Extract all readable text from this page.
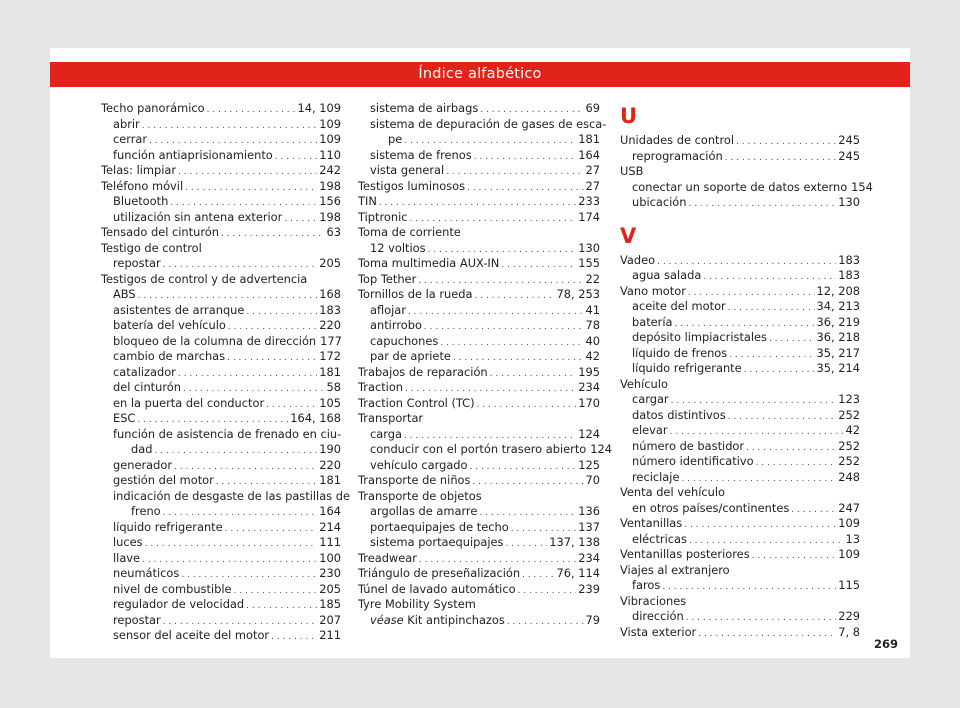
Índice alfabético
Techo panorámico . . .	14, 109
abrir . . .	109
cerrar . . .	109
función antiaprisionamiento . . .	110
Telas: limpiar . . .	242
Teléfono móvil . . .	198
Bluetooth . . .	156
utilización sin antena exterior . . .	198
Tensado del cinturón . . .	63
Testigo de control
repostar . . .	205
Testigos de control y de advertencia
ABS . . .	168
asistentes de arranque . . .	183
batería del vehículo . . .	220
bloqueo de la columna de dirección 177
cambio de marchas . . .	172
catalizador . . .	181
del cinturón . . .	58
en la puerta del conductor . . .	105
ESC . . .	164, 168
función de asistencia de frenado en ciu-
dad . . .	190
generador . . .	220
gestión del motor . . .	181
indicación de desgaste de las pastillas de
freno . . .	164
líquido refrigerante . . .	214
luces . . .	111
llave . . .	100
neumáticos . . .	230
nivel de combustible . . .	205
regulador de velocidad . . .	185
repostar . . .	207
sensor del aceite del motor . . .	211
sistema de airbags . . .	69
sistema de depuración de gases de esca-
pe . . .	181
sistema de frenos . . .	164
vista general . . .	27
Testigos luminosos . . .	27
TIN . . .	233
Tiptronic . . .	174
Toma de corriente
12 voltios . . .	130
Toma multimedia AUX-IN . . .	155
Top Tether . . .	22
Tornillos de la rueda . . .	78, 253
aflojar . . .	41
antirrobo . . .	78
capuchones . . .	40
par de apriete . . .	42
Trabajos de reparación . . .	195
Traction . . .	234
Traction Control (TC) . . .	170
Transportar
carga . . .	124
conducir con el portón trasero abierto 124
vehículo cargado . . .	125
Transporte de niños . . .	70
Transporte de objetos
argollas de amarre . . .	136
portaequipajes de techo . . .	137
sistema portaequipajes . . .	137, 138
Treadwear . . .	234
Triángulo de preseñalización . . .	76, 114
Túnel de lavado automático . . .	239
Tyre Mobility System
véase Kit antipinchazos . . .	79
U
Unidades de control . . .	245
reprogramación . . .	245
USB
conectar un soporte de datos externo 154
ubicación . . .	130
V
Vadeo . . .	183
agua salada . . .	183
Vano motor . . .	12, 208
aceite del motor . . .	34, 213
batería . . .	36, 219
depósito limpiacristales . . .	36, 218
líquido de frenos . . .	35, 217
líquido refrigerante . . .	35, 214
Vehículo
cargar . . .	123
datos distintivos . . .	252
elevar . . .	42
número de bastidor . . .	252
número identificativo . . .	252
reciclaje . . .	248
Venta del vehículo
en otros países/continentes . . .	247
Ventanillas . . .	109
eléctricas . . .	13
Ventanillas posteriores . . .	109
Viajes al extranjero
faros . . .	115
Vibraciones
dirección . . .	229
Vista exterior . . .	7, 8
269
